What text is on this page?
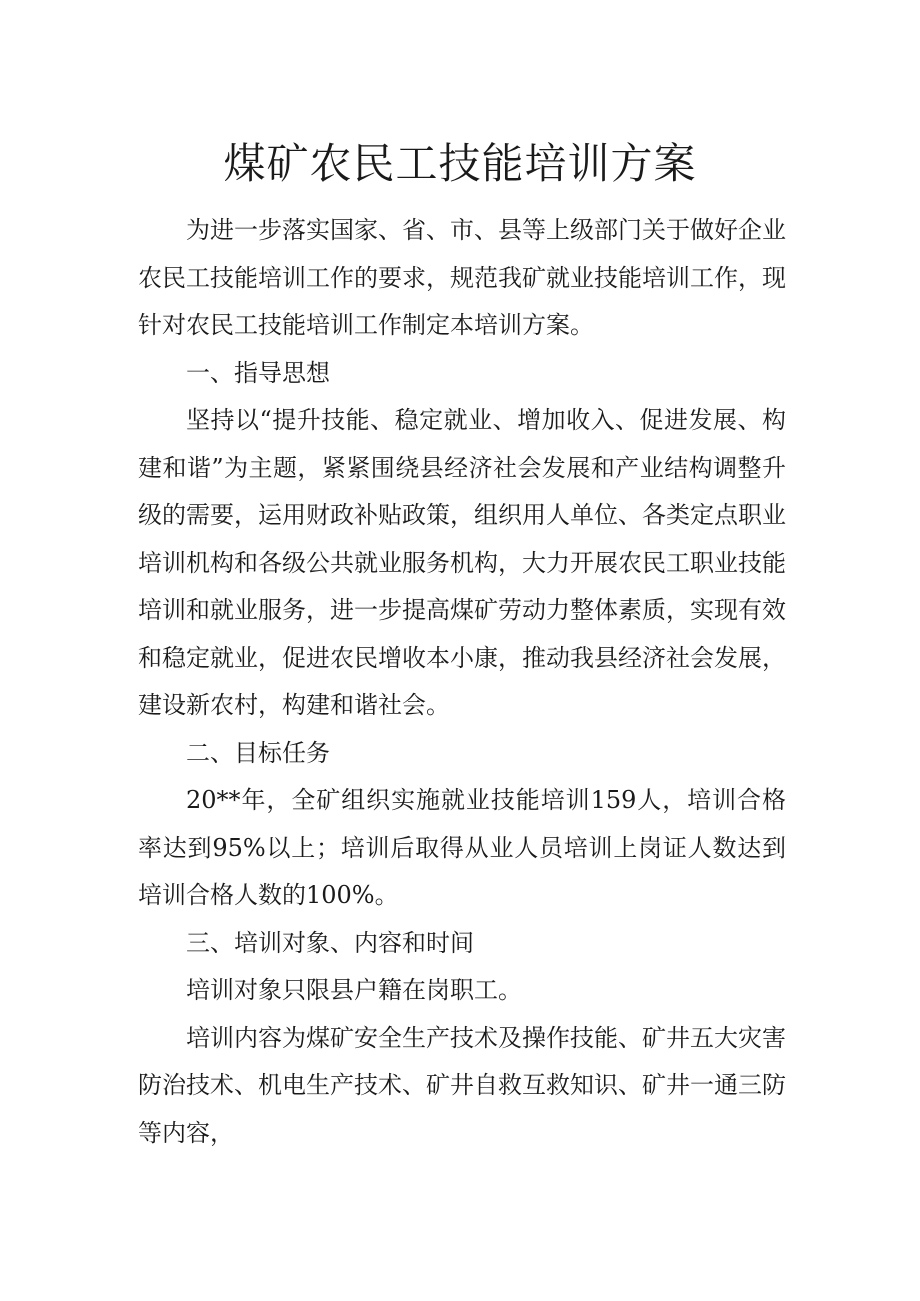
煤矿农民工技能培训方案

为进一步落实国家、省、市、县等上级部门关于做好企业农民工技能培训工作的要求，规范我矿就业技能培训工作，现针对农民工技能培训工作制定本培训方案。

一、指导思想

坚持以“提升技能、稳定就业、增加收入、促进发展、构建和谐”为主题，紧紧围绕县经济社会发展和产业结构调整升级的需要，运用财政补贴政策，组织用人单位、各类定点职业培训机构和各级公共就业服务机构，大力开展农民工职业技能培训和就业服务，进一步提高煤矿劳动力整体素质，实现有效和稳定就业，促进农民增收本小康，推动我县经济社会发展，建设新农村，构建和谐社会。

二、目标任务

20**年，全矿组织实施就业技能培训159人，培训合格率达到95%以上；培训后取得从业人员培训上岗证人数达到培训合格人数的100%。

三、培训对象、内容和时间

培训对象只限县户籍在岗职工。

培训内容为煤矿安全生产技术及操作技能、矿井五大灾害防治技术、机电生产技术、矿井自救互救知识、矿井一通三防等内容，
